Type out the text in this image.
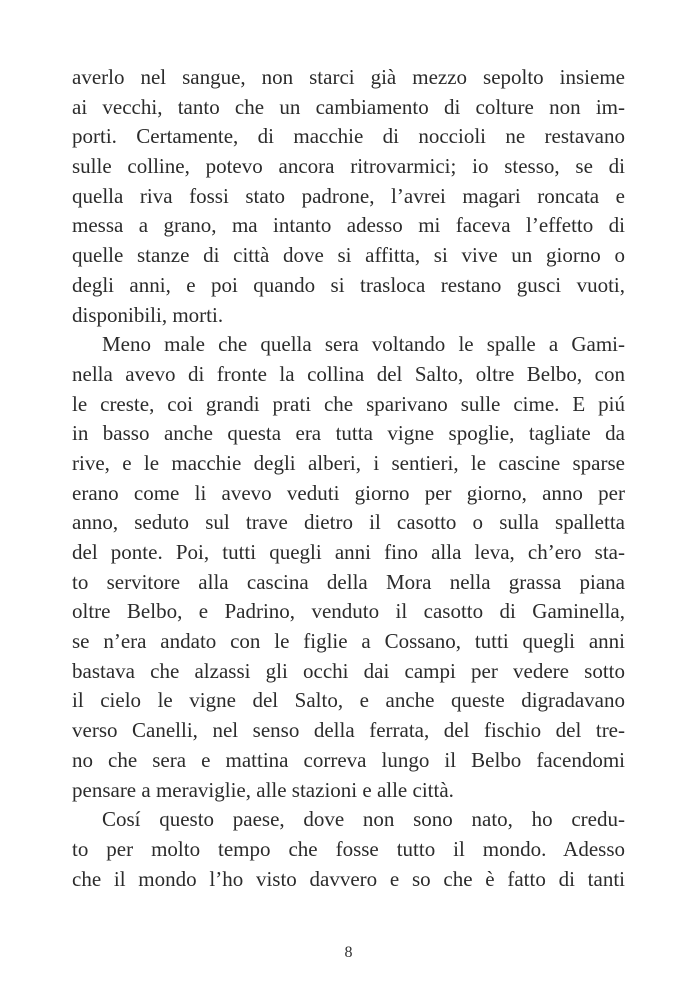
averlo nel sangue, non starci già mezzo sepolto insieme
ai vecchi, tanto che un cambiamento di colture non im-
porti. Certamente, di macchie di noccioli ne restavano
sulle colline, potevo ancora ritrovarmici; io stesso, se di
quella riva fossi stato padrone, l’avrei magari roncata e
messa a grano, ma intanto adesso mi faceva l’effetto di
quelle stanze di città dove si affitta, si vive un giorno o
degli anni, e poi quando si trasloca restano gusci vuoti,
disponibili, morti.
Meno male che quella sera voltando le spalle a Gami-
nella avevo di fronte la collina del Salto, oltre Belbo, con
le creste, coi grandi prati che sparivano sulle cime. E piú
in basso anche questa era tutta vigne spoglie, tagliate da
rive, e le macchie degli alberi, i sentieri, le cascine sparse
erano come li avevo veduti giorno per giorno, anno per
anno, seduto sul trave dietro il casotto o sulla spalletta
del ponte. Poi, tutti quegli anni fino alla leva, ch’ero sta-
to servitore alla cascina della Mora nella grassa piana
oltre Belbo, e Padrino, venduto il casotto di Gaminella,
se n’era andato con le figlie a Cossano, tutti quegli anni
bastava che alzassi gli occhi dai campi per vedere sotto
il cielo le vigne del Salto, e anche queste digradavano
verso Canelli, nel senso della ferrata, del fischio del tre-
no che sera e mattina correva lungo il Belbo facendomi
pensare a meraviglie, alle stazioni e alle città.
Cosí questo paese, dove non sono nato, ho credu-
to per molto tempo che fosse tutto il mondo. Adesso
che il mondo l’ho visto davvero e so che è fatto di tanti
8
